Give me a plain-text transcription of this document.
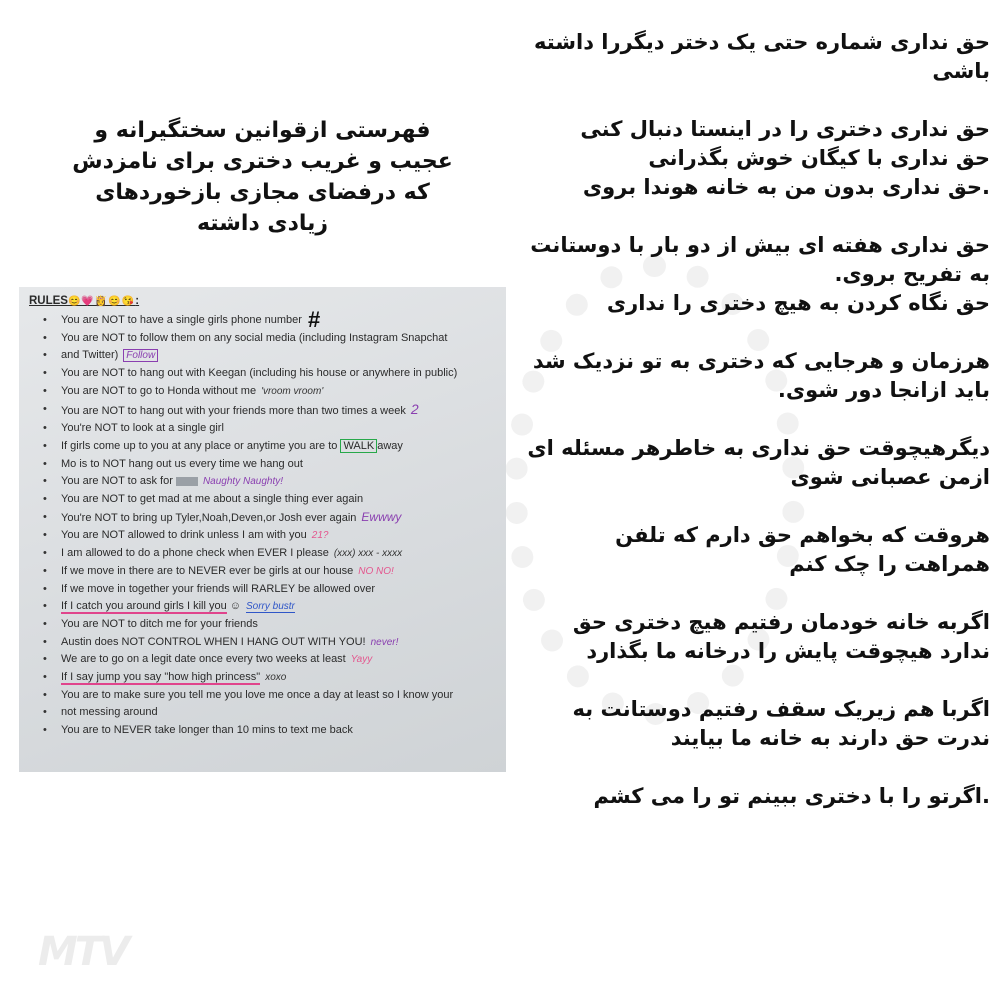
فهرستی ازقوانین سختگیرانه و
عجیب و غریب دختری برای نامزدش
که درفضای مجازی بازخوردهای
زیادی داشته

حق نداری شماره حتی یک دختر دیگررا داشته باشی

حق نداری دختری را در اینستا دنبال کنی

حق نداری با کیگان خوش بگذرانی

.حق نداری بدون من به خانه هوندا بروی

حق نداری هفته ای بیش از دو بار با دوستانت به تفریح بروی.

حق نگاه کردن به هیچ دختری را نداری

هرزمان و هرجایی که دختری به تو نزدیک شد باید ازانجا دور شوی.

دیگرهیچوقت حق نداری به خاطرهر مسئله ای ازمن عصبانی شوی

هروقت که بخواهم حق دارم که تلفن همراهت را چک کنم

اگربه خانه خودمان رفتیم هیچ دختری حق ندارد هیچوقت پایش را درخانه ما بگذارد

اگربا هم زیریک سقف رفتیم دوستانت به ندرت حق دارند به خانه ما بیایند

.اگرتو را با دختری ببینم تو را می کشم

RULES😊💗👸😊😘:
• You are NOT to have a single girls phone number #
• You are NOT to follow them on any social media (including Instagram Snapchat
• and Twitter) Follow
• You are NOT to hang out with Keegan (including his house or anywhere in public)
• You are NOT to go to Honda without me 'vroom vroom'
• You are NOT to hang out with your friends more than two times a week 2
• You're NOT to look at a single girl
• If girls come up to you at any place or anytime you are to WALK away
• Mo is to NOT hang out us every time we hang out
• You are NOT to ask for	Naughty Naughty!
• You are NOT to get mad at me about a single thing ever again
• You're NOT to bring up Tyler,Noah,Deven,or Josh ever again Ewwwy
• You are NOT allowed to drink unless I am with you 21?
• I am allowed to do a phone check when EVER I please (xxx) xxx - xxxx
• If we move in there are to NEVER ever be girls at our house NO NO!
• If we move in together your friends will RARLEY be allowed over
• If I catch you around girls I kill you ☺ Sorry bustr
• You are NOT to ditch me for your friends
• Austin does NOT CONTROL WHEN I HANG OUT WITH YOU! never!
• We are to go on a legit date once every two weeks at least Yayy
• If I say jump you say "how high princess" xoxo
• You are to make sure you tell me you love me once a day at least so I know your
• not messing around
• You are to NEVER take longer than 10 mins to text me back
MTV
